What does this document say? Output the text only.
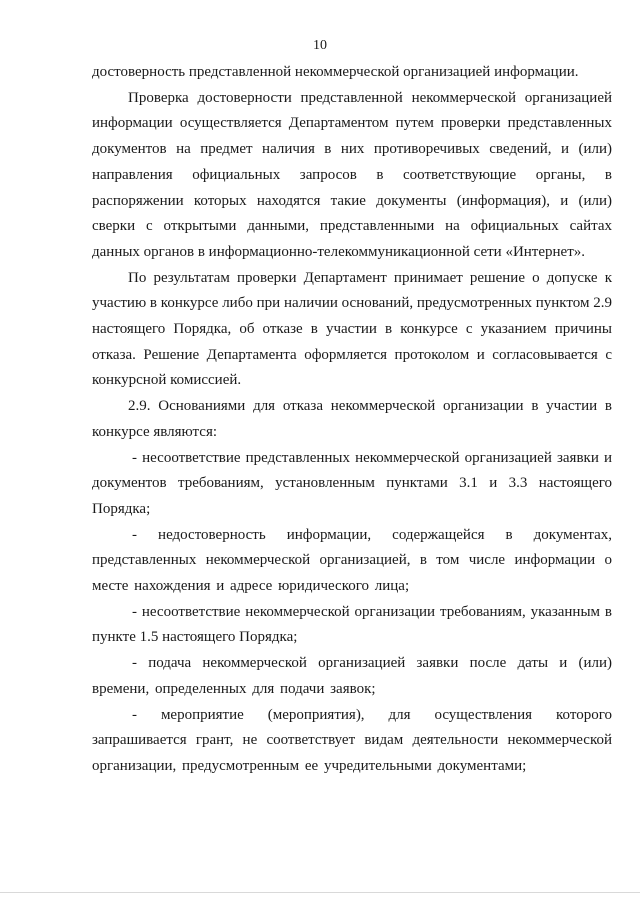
10

достоверность представленной некоммерческой организацией информации.

Проверка достоверности представленной некоммерческой организацией информации осуществляется Департаментом путем проверки представленных документов на предмет наличия в них противоречивых сведений, и (или) направления официальных запросов в соответствующие органы, в распоряжении которых находятся такие документы (информация), и (или) сверки с открытыми данными, представленными на официальных сайтах данных органов в информационно-телекоммуникационной сети «Интернет».

По результатам проверки Департамент принимает решение о допуске к участию в конкурсе либо при наличии оснований, предусмотренных пунктом 2.9 настоящего Порядка, об отказе в участии в конкурсе с указанием причины отказа. Решение Департамента оформляется протоколом и согласовывается с конкурсной комиссией.

2.9. Основаниями для отказа некоммерческой организации в участии в конкурсе являются:

- несоответствие представленных некоммерческой организацией заявки и документов требованиям, установленным пунктами 3.1 и 3.3 настоящего Порядка;

- недостоверность информации, содержащейся в документах, представленных некоммерческой организацией, в том числе информации о месте нахождения и адресе юридического лица;

- несоответствие некоммерческой организации требованиям, указанным в пункте 1.5 настоящего Порядка;

- подача некоммерческой организацией заявки после даты и (или) времени, определенных для подачи заявок;

- мероприятие (мероприятия), для осуществления которого запрашивается грант, не соответствует видам деятельности некоммерческой организации, предусмотренным ее учредительными документами;
